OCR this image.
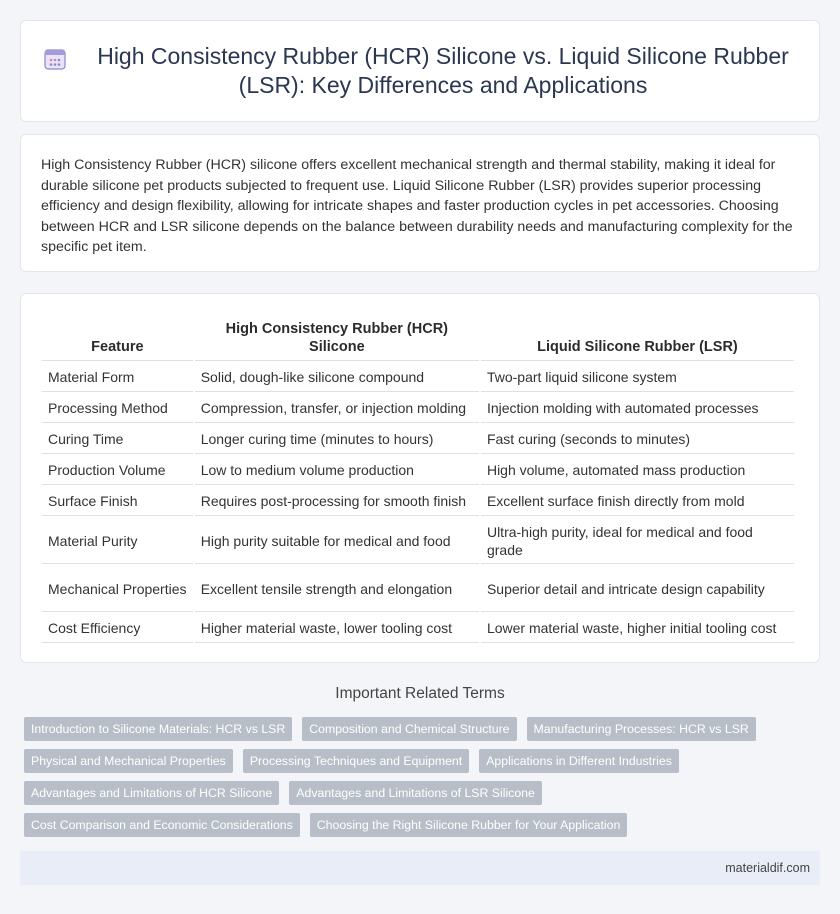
High Consistency Rubber (HCR) Silicone vs. Liquid Silicone Rubber (LSR): Key Differences and Applications

High Consistency Rubber (HCR) silicone offers excellent mechanical strength and thermal stability, making it ideal for durable silicone pet products subjected to frequent use. Liquid Silicone Rubber (LSR) provides superior processing efficiency and design flexibility, allowing for intricate shapes and faster production cycles in pet accessories. Choosing between HCR and LSR silicone depends on the balance between durability needs and manufacturing complexity for the specific pet item.

Feature	High Consistency Rubber (HCR) Silicone	Liquid Silicone Rubber (LSR)
Material Form	Solid, dough-like silicone compound	Two-part liquid silicone system
Processing Method	Compression, transfer, or injection molding	Injection molding with automated processes
Curing Time	Longer curing time (minutes to hours)	Fast curing (seconds to minutes)
Production Volume	Low to medium volume production	High volume, automated mass production
Surface Finish	Requires post-processing for smooth finish	Excellent surface finish directly from mold
Material Purity	High purity suitable for medical and food	Ultra-high purity, ideal for medical and food grade
Mechanical Properties	Excellent tensile strength and elongation	Superior detail and intricate design capability
Cost Efficiency	Higher material waste, lower tooling cost	Lower material waste, higher initial tooling cost
Important Related Terms
Introduction to Silicone Materials: HCR vs LSR	Composition and Chemical Structure	Manufacturing Processes: HCR vs LSR
Physical and Mechanical Properties	Processing Techniques and Equipment	Applications in Different Industries
Advantages and Limitations of HCR Silicone	Advantages and Limitations of LSR Silicone
Cost Comparison and Economic Considerations	Choosing the Right Silicone Rubber for Your Application
materialdif.com
